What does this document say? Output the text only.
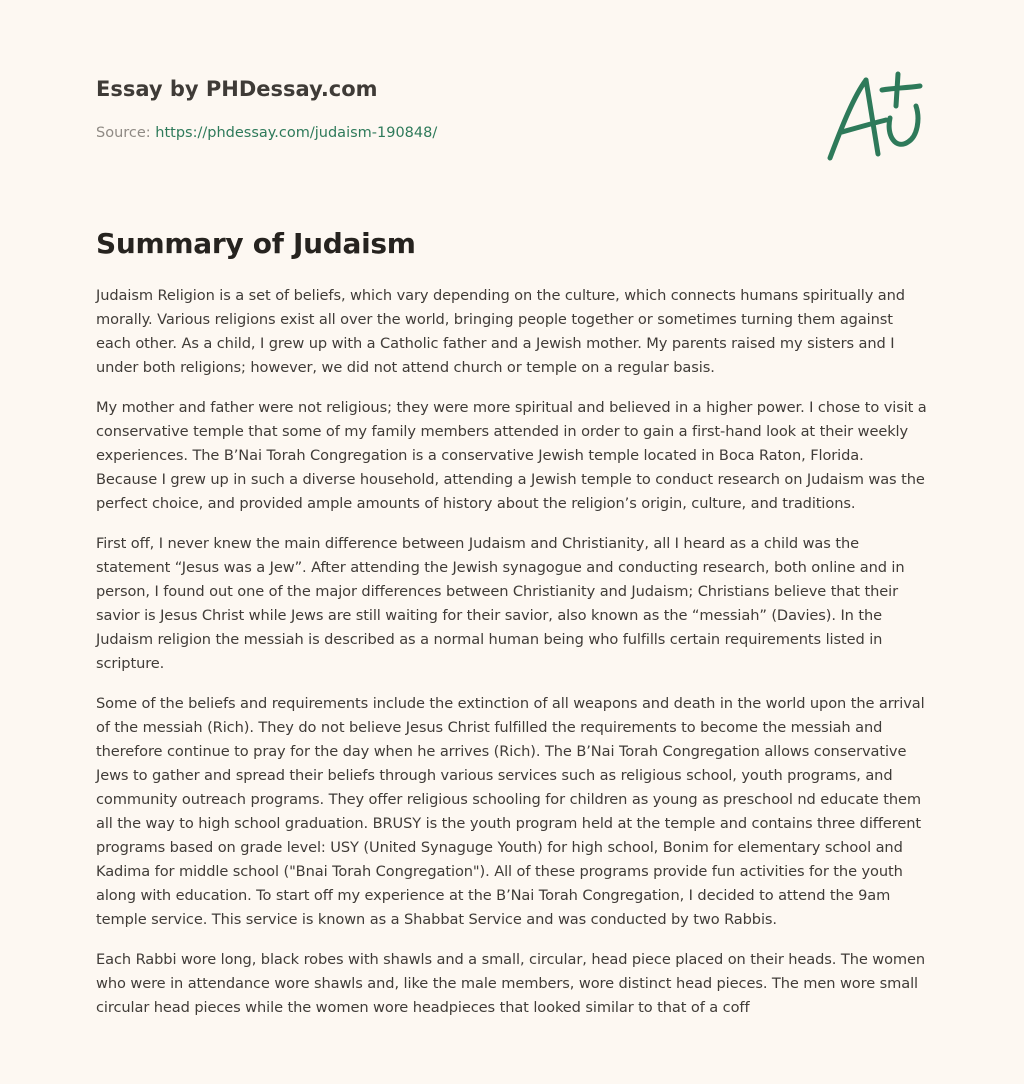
Essay by PHDessay.com
Source: https://phdessay.com/judaism-190848/
Summary of Judaism

Judaism Religion is a set of beliefs, which vary depending on the culture, which connects humans spiritually and morally. Various religions exist all over the world, bringing people together or sometimes turning them against each other. As a child, I grew up with a Catholic father and a Jewish mother. My parents raised my sisters and I under both religions; however, we did not attend church or temple on a regular basis.

My mother and father were not religious; they were more spiritual and believed in a higher power. I chose to visit a conservative temple that some of my family members attended in order to gain a first-hand look at their weekly experiences. The B’Nai Torah Congregation is a conservative Jewish temple located in Boca Raton, Florida. Because I grew up in such a diverse household, attending a Jewish temple to conduct research on Judaism was the perfect choice, and provided ample amounts of history about the religion’s origin, culture, and traditions.

First off, I never knew the main difference between Judaism and Christianity, all I heard as a child was the statement “Jesus was a Jew”. After attending the Jewish synagogue and conducting research, both online and in person, I found out one of the major differences between Christianity and Judaism; Christians believe that their savior is Jesus Christ while Jews are still waiting for their savior, also known as the “messiah” (Davies). In the Judaism religion the messiah is described as a normal human being who fulfills certain requirements listed in scripture.

Some of the beliefs and requirements include the extinction of all weapons and death in the world upon the arrival of the messiah (Rich). They do not believe Jesus Christ fulfilled the requirements to become the messiah and therefore continue to pray for the day when he arrives (Rich). The B’Nai Torah Congregation allows conservative Jews to gather and spread their beliefs through various services such as religious school, youth programs, and community outreach programs. They offer religious schooling for children as young as preschool nd educate them all the way to high school graduation. BRUSY is the youth program held at the temple and contains three different programs based on grade level: USY (United Synaguge Youth) for high school, Bonim for elementary school and Kadima for middle school ("Bnai Torah Congregation"). All of these programs provide fun activities for the youth along with education. To start off my experience at the B’Nai Torah Congregation, I decided to attend the 9am temple service. This service is known as a Shabbat Service and was conducted by two Rabbis.

Each Rabbi wore long, black robes with shawls and a small, circular, head piece placed on their heads. The women who were in attendance wore shawls and, like the male members, wore distinct head pieces. The men wore small circular head pieces while the women wore headpieces that looked similar to that of a coff
